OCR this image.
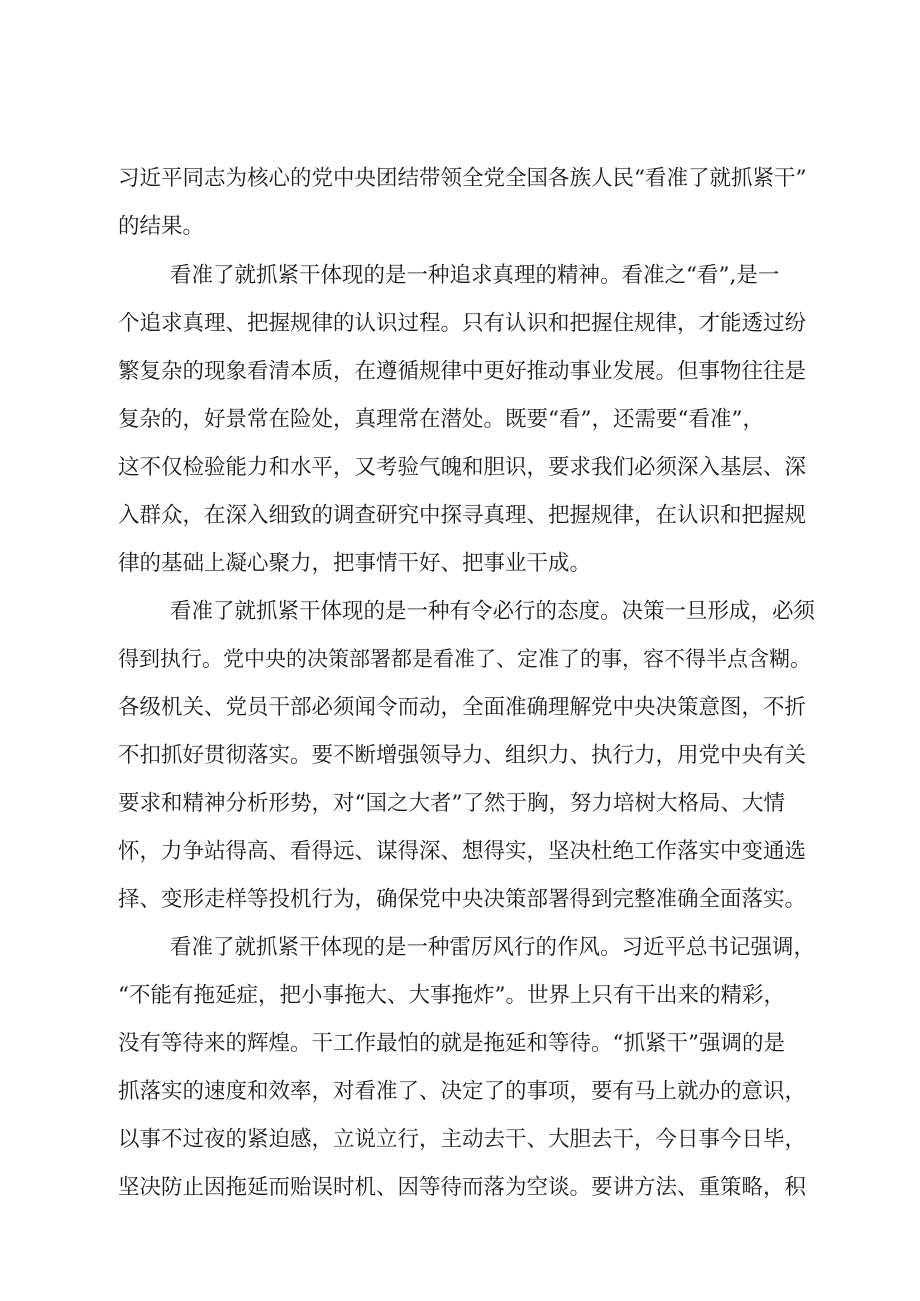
习近平同志为核心的党中央团结带领全党全国各族人民“看准了就抓紧干”
的结果。
看准了就抓紧干体现的是一种追求真理的精神。看准之“看”,是一
个追求真理、把握规律的认识过程。只有认识和把握住规律，才能透过纷
繁复杂的现象看清本质，在遵循规律中更好推动事业发展。但事物往往是
复杂的，好景常在险处，真理常在潜处。既要“看”，还需要“看准”，
这不仅检验能力和水平，又考验气魄和胆识，要求我们必须深入基层、深
入群众，在深入细致的调查研究中探寻真理、把握规律，在认识和把握规
律的基础上凝心聚力，把事情干好、把事业干成。
看准了就抓紧干体现的是一种有令必行的态度。决策一旦形成，必须
得到执行。党中央的决策部署都是看准了、定准了的事，容不得半点含糊。
各级机关、党员干部必须闻令而动，全面准确理解党中央决策意图，不折
不扣抓好贯彻落实。要不断增强领导力、组织力、执行力，用党中央有关
要求和精神分析形势，对“国之大者”了然于胸，努力培树大格局、大情
怀，力争站得高、看得远、谋得深、想得实，坚决杜绝工作落实中变通选
择、变形走样等投机行为，确保党中央决策部署得到完整准确全面落实。
看准了就抓紧干体现的是一种雷厉风行的作风。习近平总书记强调，
“不能有拖延症，把小事拖大、大事拖炸”。世界上只有干出来的精彩，
没有等待来的辉煌。干工作最怕的就是拖延和等待。“抓紧干”强调的是
抓落实的速度和效率，对看准了、决定了的事项，要有马上就办的意识，
以事不过夜的紧迫感，立说立行，主动去干、大胆去干，今日事今日毕，
坚决防止因拖延而贻误时机、因等待而落为空谈。要讲方法、重策略，积
